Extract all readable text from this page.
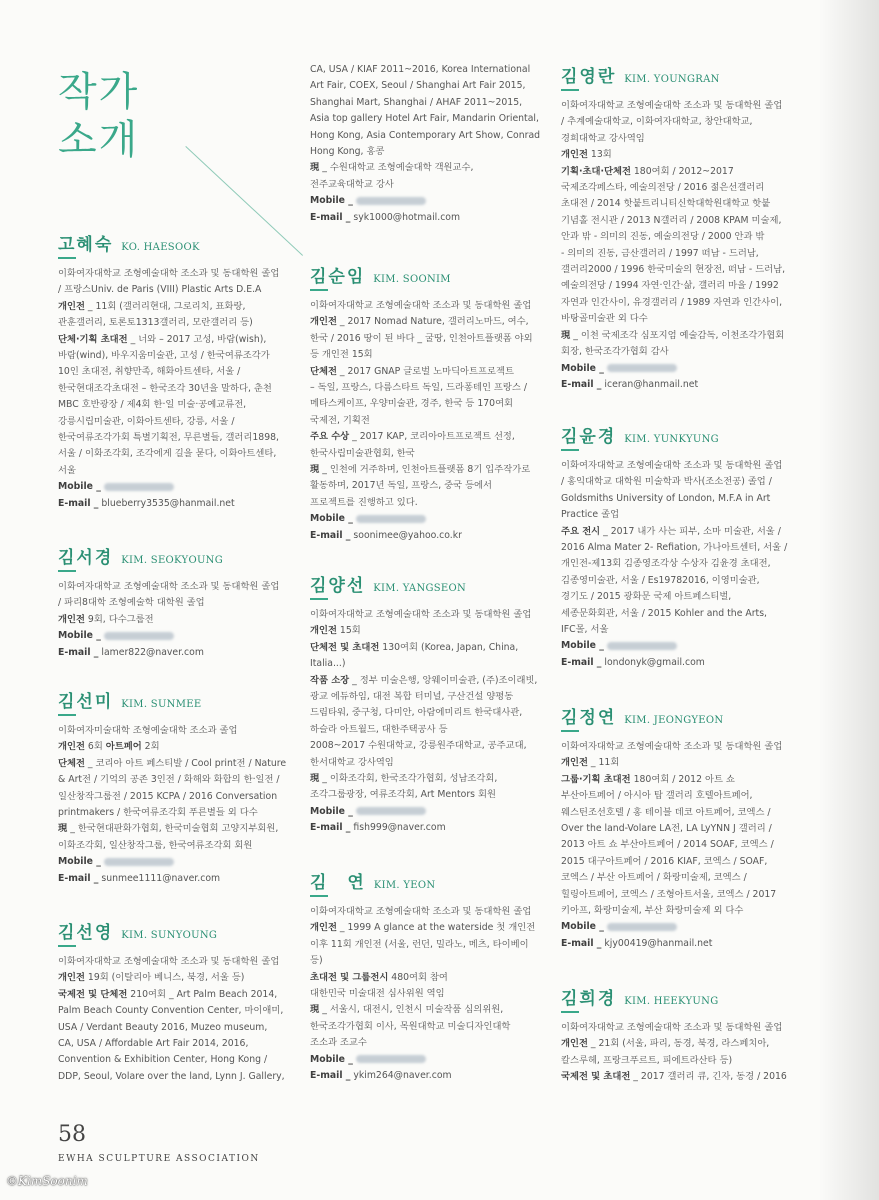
작가
소개
고혜숙 KO. HAESOOK

이화여자대학교 조형예술대학 조소과 및 동대학원 졸업

/ 프랑스Univ. de Paris (VIII) Plastic Arts D.E.A

개인전 _ 11회 (갤러리현대, 그로리치, 표화랑,

관훈갤러리, 토론토1313갤러리, 모란갤러리 등)

단체·기획 초대전 _ 너와 – 2017 고성, 바람(wish),

바람(wind), 바우지움미술관, 고성 / 한국여류조각가

10인 초대전, 취향만족, 해화아트센타, 서울 /

한국현대조각초대전 – 한국조각 30년을 말하다, 춘천

MBC 호반광장 / 제4회 한·일 미술·공예교류전,

강릉시립미술관, 이화아트센타, 강릉, 서울 /

한국여류조각가회 특별기획전, 무른별들, 갤러리1898,

서울 / 이화조각회, 조각에게 길을 묻다, 이화아트센타,

서울

Mobile _
E-mail _ blueberry3535@hanmail.net
김서경 KIM. SEOKYOUNG

이화여자대학교 조형예술대학 조소과 및 동대학원 졸업

/ 파리8대학 조형예술학 대학원 졸업

개인전 9회, 다수그룹전

Mobile _
E-mail _ lamer822@naver.com
김선미 KIM. SUNMEE

이화여자미술대학 조형예술대학 조소과 졸업

개인전 6회 아트페어 2회

단체전 _ 코리아 아트 페스티발 / Cool print전 / Nature

& Art전 / 기억의 공존 3인전 / 화해와 화합의 한·일전 /

일산창작그룹전 / 2015 KCPA / 2016 Conversation

printmakers / 한국여류조각회 푸른별들 외 다수

現 _ 한국현대판화가협회, 한국미술협회 고양지부회원,

이화조각회, 일산창작그룹, 한국여류조각회 회원

Mobile _
E-mail _ sunmee1111@naver.com
김선영 KIM. SUNYOUNG

이화여자대학교 조형예술대학 조소과 및 동대학원 졸업

개인전 19회 (이탈리아 베니스, 북경, 서울 등)

국제전 및 단체전 210여회 _ Art Palm Beach 2014,

Palm Beach County Convention Center, 마이애미,

USA / Verdant Beauty 2016, Muzeo museum,

CA, USA / Affordable Art Fair 2014, 2016,

Convention & Exhibition Center, Hong Kong /

DDP, Seoul, Volare over the land, Lynn J. Gallery,

CA, USA / KIAF 2011~2016, Korea International

Art Fair, COEX, Seoul / Shanghai Art Fair 2015,

Shanghai Mart, Shanghai / AHAF 2011~2015,

Asia top gallery Hotel Art Fair, Mandarin Oriental,

Hong Kong, Asia Contemporary Art Show, Conrad

Hong Kong, 홍콩

現 _ 수원대학교 조형예술대학 객원교수,

전주교육대학교 강사

Mobile _
E-mail _ syk1000@hotmail.com
김순임 KIM. SOONIM

이화여자대학교 조형예술대학 조소과 및 동대학원 졸업

개인전 _ 2017 Nomad Nature, 갤러리노마드, 여수,

한국 / 2016 땅이 된 바다 _ 굴땅, 인천아트플랫폼 야외

등 개인전 15회

단체전 _ 2017 GNAP 글로벌 노마딕아트프로젝트

– 독일, 프랑스, 다름스타트 독일, 드라퐁테인 프랑스 /

메타스케이프, 우양미술관, 경주, 한국 등 170여회

국제전, 기획전

주요 수상 _ 2017 KAP, 코리아아트프로젝트 선정,

한국사립미술관협회, 한국

現 _ 인천에 거주하며, 인천아트플랫폼 8기 입주작가로

활동하며, 2017년 독일, 프랑스, 중국 등에서

프로젝트를 진행하고 있다.

Mobile _
E-mail _ soonimee@yahoo.co.kr
김양선 KIM. YANGSEON

이화여자대학교 조형예술대학 조소과 및 동대학원 졸업

개인전 15회

단체전 및 초대전 130여회 (Korea, Japan, China,

Italia...)

작품 소장 _ 정부 미술은행, 앙웨이미술관, (주)조이래빗,

광교 에듀하임, 대전 복합 터미널, 구산건설 양평동

드림타워, 중구청, 다미안, 아람에미리트 한국대사관,

하슬라 아트월드, 대한주택공사 등

2008~2017 수원대학교, 강릉원주대학교, 공주교대,

한서대학교 강사역임

現 _ 이화조각회, 한국조각가협회, 성남조각회,

조각그룹광장, 여류조각회, Art Mentors 회원

Mobile _
E-mail _ fish999@naver.com
김　연 KIM. YEON

이화여자대학교 조형예술대학 조소과 및 동대학원 졸업

개인전 _ 1999 A glance at the waterside 첫 개인전

이후 11회 개인전 (서울, 런던, 밀라노, 메츠, 타이베이

등)

초대전 및 그룹전시 480여회 참여

대한민국 미술대전 심사위원 역임

現 _ 서울시, 대전시, 인천시 미술작품 심의위원,

한국조각가협회 이사, 목원대학교 미술디자인대학

조소과 조교수

Mobile _
E-mail _ ykim264@naver.com
김영란 KIM. YOUNGRAN

이화여자대학교 조형예술대학 조소과 및 동대학원 졸업

/ 추계예술대학교, 이화여자대학교, 창안대학교,

경희대학교 강사역임

개인전 13회

기획·초대·단체전 180여회 / 2012~2017

국제조각페스타, 예술의전당 / 2016 젊은선갤러리

초대전 / 2014 핫붙트리니티신학대학원대학교 핫붙

기념홀 전시관 / 2013 N갤러리 / 2008 KPAM 미술제,

안과 밖 - 의미의 진동, 예술의전당 / 2000 안과 밖

- 의미의 진동, 금산갤러리 / 1997 떠남 - 드러남,

갤러리2000 / 1996 한국미술의 현장전, 떠남 - 드러남,

예술의전당 / 1994 자연·인간·삶, 갤러리 마을 / 1992

자연과 인간사이, 유경갤러리 / 1989 자연과 인간사이,

바탕골미술관 외 다수

現 _ 이천 국제조각 심포지엄 예술감독, 이천조각가협회

회장, 한국조각가협회 감사

Mobile _
E-mail _ iceran@hanmail.net
김윤경 KIM. YUNKYUNG

이화여자대학교 조형예술대학 조소과 및 동대학원 졸업

/ 홍익대학교 대학원 미술학과 박사(조소전공) 졸업 /

Goldsmiths University of London, M.F.A in Art

Practice 졸업

주요 전시 _ 2017 내가 사는 피부, 소마 미술관, 서울 /

2016 Alma Mater 2- Refiation, 가나아트센터, 서울 /

개인전-제13회 김종영조각상 수상자 김윤경 초대전,

김종영미술관, 서울 / Es19782016, 이영미술관,

경기도 / 2015 광화문 국제 아트페스티벌,

세종문화회관, 서울 / 2015 Kohler and the Arts,

IFC몰, 서울

Mobile _
E-mail _ londonyk@gmail.com
김정연 KIM. JEONGYEON

이화여자대학교 조형예술대학 조소과 및 동대학원 졸업

개인전 _ 11회

그룹·기획 초대전 180여회 / 2012 아트 쇼

부산아트페어 / 아시아 탑 갤러리 호텔아트페어,

웨스틴조선호텔 / 홍 테이블 데코 아트페어, 코엑스 /

Over the land-Volare LA전, LA LyYNN J 갤러리 /

2013 아트 쇼 부산아트페어 / 2014 SOAF, 코엑스 /

2015 대구아트페어 / 2016 KIAF, 코엑스 / SOAF,

코엑스 / 부산 아트페어 / 화랑미술제, 코엑스 /

힐링아트페어, 코엑스 / 조형아트서울, 코엑스 / 2017

키아프, 화랑미술제, 부산 화랑미술제 외 다수

Mobile _
E-mail _ kjy00419@hanmail.net
김희경 KIM. HEEKYUNG

이화여자대학교 조형예술대학 조소과 및 동대학원 졸업

개인전 _ 21회 (서울, 파리, 동경, 북경, 라스페치아,

칼스루헤, 프랑크푸르트, 피에트라산타 등)

국제전 및 초대전 _ 2017 갤러리 큐, 긴자, 동경 / 2016

58
EWHA SCULPTURE ASSOCIATION
©KimSoonim
